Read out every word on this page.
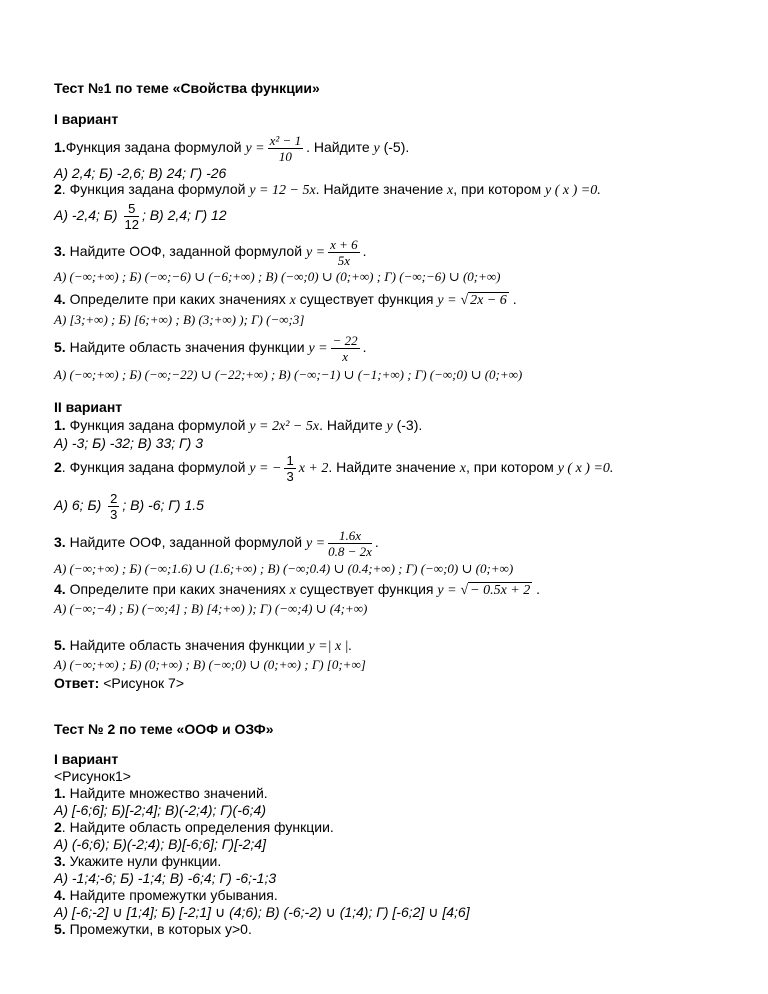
Тест №1 по теме «Свойства функции»
I вариант
1.Функция задана формулой $y = \frac{\text{x² − 1}}{10}$ . Найдите y (-5).
А) 2,4; Б) -2,6; В) 24; Г) -26
2. Функция задана формулой y = 12 − 5x. Найдите значение x, при котором y ( x ) =0.
А) -2,4; $Б) \frac{5}{12}$ ; В) 2,4; Г) 12
3. Найдите ООФ, заданной формулой $y = \frac{x + 6}{5x}$ .
А) (−∞;+∞) ; Б) (−∞;−6) ∪ (−6;+∞) ; В) (−∞;0) ∪ (0;+∞) ; Г) (−∞;−6) ∪ (0;+∞)
4. Определите при каких значениях x существует функция y = √ 2x − 6 .
А) [3;+∞) ; Б) [6;+∞) ; В) (3;+∞) ); Г) (−∞;3]
5. Найдите область значения функции $y = \frac{- 22}{x}$ .
А) (−∞;+∞) ; Б) (−∞;−22) ∪ (−22;+∞) ; В) (−∞;−1) ∪ (−1;+∞) ; Г) (−∞;0) ∪ (0;+∞)
II вариант
1. Функция задана формулой y = 2x² − 5x. Найдите y (-3).
А) -3; Б) -32; В) 33; Г) 3
2. Функция задана формулой y = − $\frac{1}{3}$ x + 2. Найдите значение x, при котором y ( x ) =0.
А) 6; $Б) \frac{2}{3}$ ; В) -6; Г) 1.5
3. Найдите ООФ, заданной формулой $y = \frac{1.6x}{0.8 - 2x}$ .
А) (−∞;+∞) ; Б) (−∞;1.6) ∪ (1.6;+∞) ; В) (−∞;0.4) ∪ (0.4;+∞) ; Г) (−∞;0) ∪ (0;+∞)
4. Определите при каких значениях x существует функция y = √ − 0.5x + 2 .
А) (−∞;−4) ; Б) (−∞;4] ; В) [4;+∞) ); Г) (−∞;4) ∪ (4;+∞)
5. Найдите область значения функции y =| x |.
А) (−∞;+∞) ; Б) (0;+∞) ; В) (−∞;0) ∪ (0;+∞) ; Г) [0;+∞]
Ответ: <Рисунок 7>
Тест № 2 по теме «ООФ и ОЗФ»
I вариант
<Рисунок1>
1. Найдите множество значений.
А) [-6;6]; Б)[-2;4]; В)(-2;4); Г)(-6;4)
2. Найдите область определения функции.
А) (-6;6); Б)(-2;4); В)[-6;6]; Г)[-2;4]
3. Укажите нули функции.
А) -1;4;-6; Б) -1;4; В) -6;4; Г) -6;-1;3
4. Найдите промежутки убывания.
А) [-6;-2] ∪ [1;4]; Б) [-2;1] ∪ (4;6); В) (-6;-2) ∪ (1;4); Г) [-6;2] ∪ [4;6]
5. Промежутки, в которых y>0.
